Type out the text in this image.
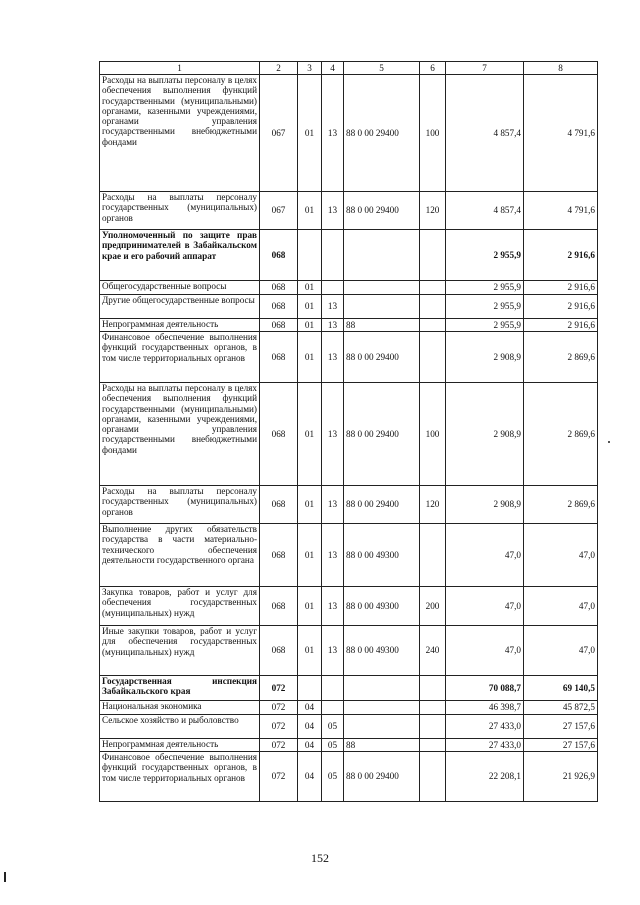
1	2	3	4	5	6	7	8
Расходы на выплаты персоналу в целях обеспечения выполнения функций государственными (муниципальными) органами, казенными учреждениями, органами управления государственными внебюджетными фондами	067	01	13	88 0 00 29400	100	4 857,4	4 791,6
Расходы на выплаты персоналу государственных (муниципальных) органов	067	01	13	88 0 00 29400	120	4 857,4	4 791,6
Уполномоченный по защите прав предпринимателей в Забайкальском крае и его рабочий аппарат	068					2 955,9	2 916,6
Общегосударственные вопросы	068	01				2 955,9	2 916,6
Другие общегосударственные вопросы	068	01	13			2 955,9	2 916,6
Непрограммная деятельность	068	01	13	88		2 955,9	2 916,6
Финансовое обеспечение выполнения функций государственных органов, в том числе территориальных органов	068	01	13	88 0 00 29400		2 908,9	2 869,6
Расходы на выплаты персоналу в целях обеспечения выполнения функций государственными (муниципальными) органами, казенными учреждениями, органами управления государственными внебюджетными фондами	068	01	13	88 0 00 29400	100	2 908,9	2 869,6
Расходы на выплаты персоналу государственных (муниципальных) органов	068	01	13	88 0 00 29400	120	2 908,9	2 869,6
Выполнение других обязательств государства в части материально-технического обеспечения деятельности государственного органа	068	01	13	88 0 00 49300		47,0	47,0
Закупка товаров, работ и услуг для обеспечения государственных (муниципальных) нужд	068	01	13	88 0 00 49300	200	47,0	47,0
Иные закупки товаров, работ и услуг для обеспечения государственных (муниципальных) нужд	068	01	13	88 0 00 49300	240	47,0	47,0
Государственная инспекция Забайкальского края	072					70 088,7	69 140,5
Национальная экономика	072	04				46 398,7	45 872,5
Сельское хозяйство и рыболовство	072	04	05			27 433,0	27 157,6
Непрограммная деятельность	072	04	05	88		27 433,0	27 157,6
Финансовое обеспечение выполнения функций государственных органов, в том числе территориальных органов	072	04	05	88 0 00 29400		22 208,1	21 926,9
152
